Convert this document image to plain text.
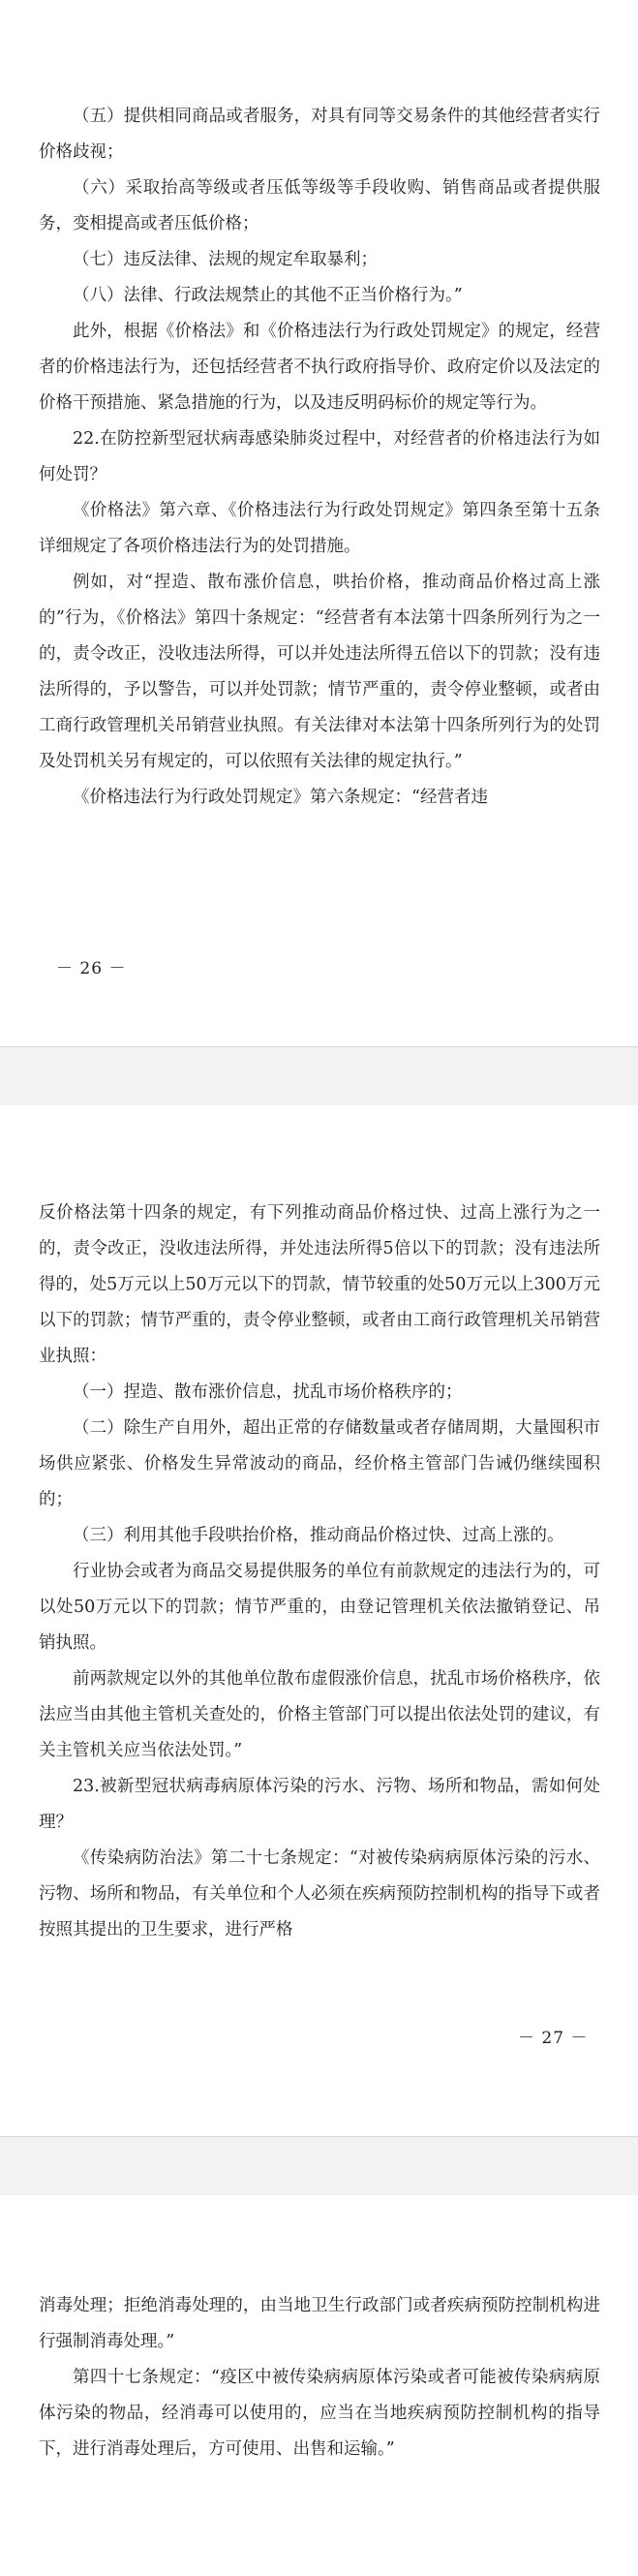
（五）提供相同商品或者服务，对具有同等交易条件的其他经营者实行价格歧视；

（六）采取抬高等级或者压低等级等手段收购、销售商品或者提供服务，变相提高或者压低价格；

（七）违反法律、法规的规定牟取暴利；

（八）法律、行政法规禁止的其他不正当价格行为。”

此外，根据《价格法》和《价格违法行为行政处罚规定》的规定，经营者的价格违法行为，还包括经营者不执行政府指导价、政府定价以及法定的价格干预措施、紧急措施的行为，以及违反明码标价的规定等行为。

22.在防控新型冠状病毒感染肺炎过程中，对经营者的价格违法行为如何处罚？

《价格法》第六章、《价格违法行为行政处罚规定》第四条至第十五条详细规定了各项价格违法行为的处罚措施。

例如，对“捏造、散布涨价信息，哄抬价格，推动商品价格过高上涨的”行为，《价格法》第四十条规定：“经营者有本法第十四条所列行为之一的，责令改正，没收违法所得，可以并处违法所得五倍以下的罚款；没有违法所得的，予以警告，可以并处罚款；情节严重的，责令停业整顿，或者由工商行政管理机关吊销营业执照。有关法律对本法第十四条所列行为的处罚及处罚机关另有规定的，可以依照有关法律的规定执行。”

《价格违法行为行政处罚规定》第六条规定：“经营者违

－ 26 －

反价格法第十四条的规定，有下列推动商品价格过快、过高上涨行为之一的，责令改正，没收违法所得，并处违法所得5倍以下的罚款；没有违法所得的，处5万元以上50万元以下的罚款，情节较重的处50万元以上300万元以下的罚款；情节严重的，责令停业整顿，或者由工商行政管理机关吊销营业执照：

（一）捏造、散布涨价信息，扰乱市场价格秩序的；

（二）除生产自用外，超出正常的存储数量或者存储周期，大量囤积市场供应紧张、价格发生异常波动的商品，经价格主管部门告诫仍继续囤积的；

（三）利用其他手段哄抬价格，推动商品价格过快、过高上涨的。

行业协会或者为商品交易提供服务的单位有前款规定的违法行为的，可以处50万元以下的罚款；情节严重的，由登记管理机关依法撤销登记、吊销执照。

前两款规定以外的其他单位散布虚假涨价信息，扰乱市场价格秩序，依法应当由其他主管机关查处的，价格主管部门可以提出依法处罚的建议，有关主管机关应当依法处罚。”

23.被新型冠状病毒病原体污染的污水、污物、场所和物品，需如何处理？

《传染病防治法》第二十七条规定：“对被传染病病原体污染的污水、污物、场所和物品，有关单位和个人必须在疾病预防控制机构的指导下或者按照其提出的卫生要求，进行严格

－ 27 －

消毒处理；拒绝消毒处理的，由当地卫生行政部门或者疾病预防控制机构进行强制消毒处理。”

第四十七条规定：“疫区中被传染病病原体污染或者可能被传染病病原体污染的物品，经消毒可以使用的，应当在当地疾病预防控制机构的指导下，进行消毒处理后，方可使用、出售和运输。”
